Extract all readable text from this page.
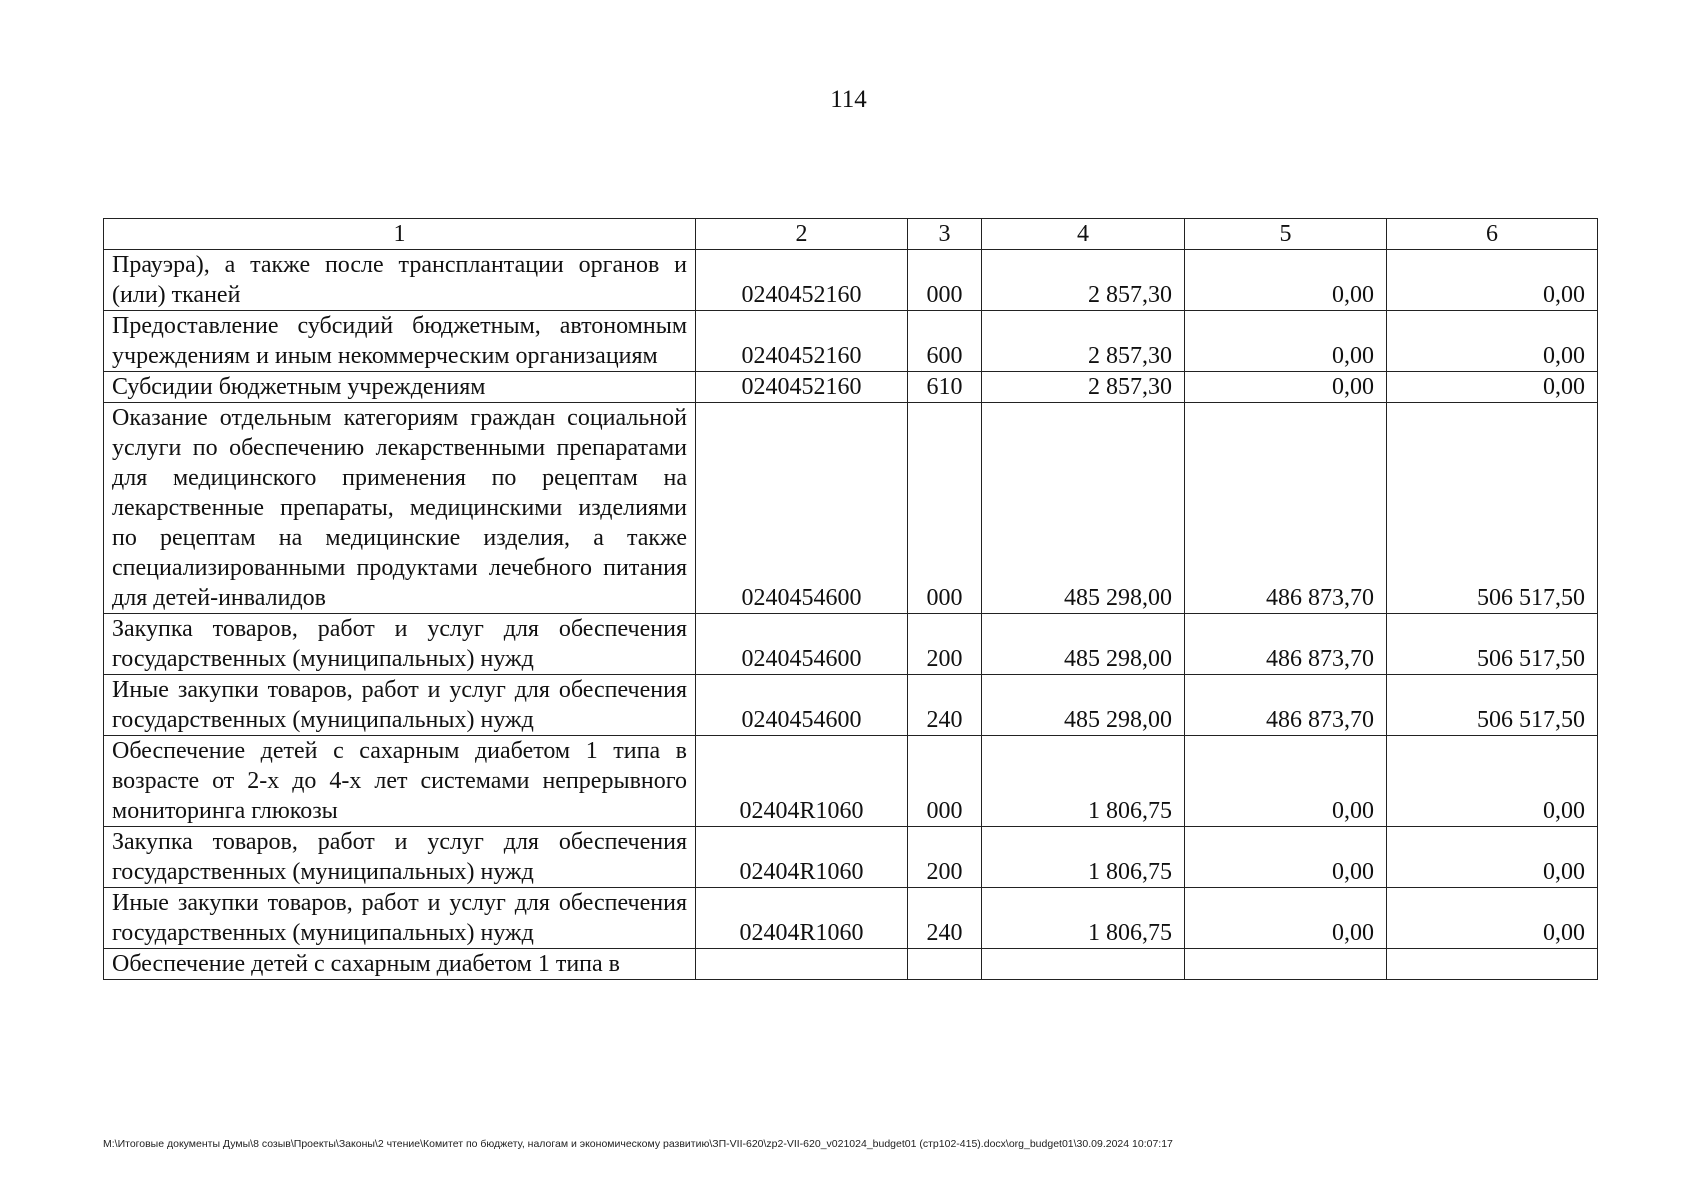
114
1	2	3	4	5	6
Прауэра), а также после трансплантации органов и (или) тканей	0240452160	000	2 857,30	0,00	0,00
Предоставление субсидий бюджетным, автономным учреждениям и иным некоммерческим организациям	0240452160	600	2 857,30	0,00	0,00
Субсидии бюджетным учреждениям	0240452160	610	2 857,30	0,00	0,00
Оказание отдельным категориям граждан социальной услуги по обеспечению лекарственными препаратами для медицинского применения по рецептам на лекарственные препараты, медицинскими изделиями по рецептам на медицинские изделия, а также специализированными продуктами лечебного питания для детей-инвалидов	0240454600	000	485 298,00	486 873,70	506 517,50
Закупка товаров, работ и услуг для обеспечения государственных (муниципальных) нужд	0240454600	200	485 298,00	486 873,70	506 517,50
Иные закупки товаров, работ и услуг для обеспечения государственных (муниципальных) нужд	0240454600	240	485 298,00	486 873,70	506 517,50
Обеспечение детей с сахарным диабетом 1 типа в возрасте от 2-х до 4-х лет системами непрерывного мониторинга глюкозы	02404R1060	000	1 806,75	0,00	0,00
Закупка товаров, работ и услуг для обеспечения государственных (муниципальных) нужд	02404R1060	200	1 806,75	0,00	0,00
Иные закупки товаров, работ и услуг для обеспечения государственных (муниципальных) нужд	02404R1060	240	1 806,75	0,00	0,00
Обеспечение детей с сахарным диабетом 1 типа в					
M:\Итоговые документы Думы\8 созыв\Проекты\Законы\2 чтение\Комитет по бюджету, налогам и экономическому развитию\ЗП-VII-620\zp2-VII-620_v021024_budget01 (стр102-415).docx\org_budget01\30.09.2024 10:07:17
